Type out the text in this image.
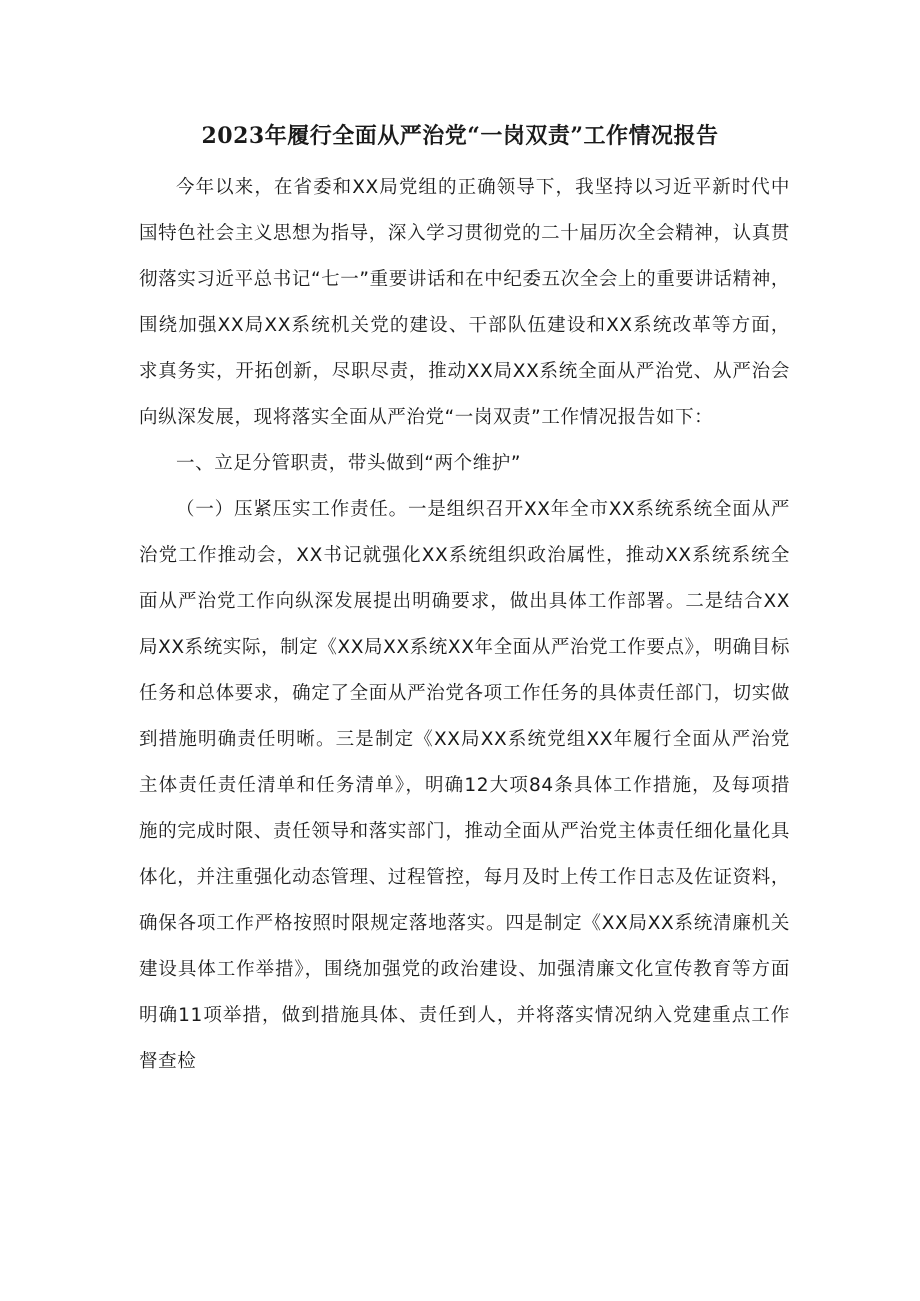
2023年履行全面从严治党“一岗双责”工作情况报告

今年以来，在省委和XX局党组的正确领导下，我坚持以习近平新时代中国特色社会主义思想为指导，深入学习贯彻党的二十届历次全会精神，认真贯彻落实习近平总书记“七一”重要讲话和在中纪委五次全会上的重要讲话精神，围绕加强XX局XX系统机关党的建设、干部队伍建设和XX系统改革等方面，求真务实，开拓创新，尽职尽责，推动XX局XX系统全面从严治党、从严治会向纵深发展，现将落实全面从严治党“一岗双责”工作情况报告如下：

一、立足分管职责，带头做到“两个维护”

（一）压紧压实工作责任。一是组织召开XX年全市XX系统系统全面从严治党工作推动会，XX书记就强化XX系统组织政治属性，推动XX系统系统全面从严治党工作向纵深发展提出明确要求，做出具体工作部署。二是结合XX局XX系统实际，制定《XX局XX系统XX年全面从严治党工作要点》，明确目标任务和总体要求，确定了全面从严治党各项工作任务的具体责任部门，切实做到措施明确责任明晰。三是制定《XX局XX系统党组XX年履行全面从严治党主体责任责任清单和任务清单》，明确12大项84条具体工作措施，及每项措施的完成时限、责任领导和落实部门，推动全面从严治党主体责任细化量化具体化，并注重强化动态管理、过程管控，每月及时上传工作日志及佐证资料，确保各项工作严格按照时限规定落地落实。四是制定《XX局XX系统清廉机关建设具体工作举措》，围绕加强党的政治建设、加强清廉文化宣传教育等方面明确11项举措，做到措施具体、责任到人，并将落实情况纳入党建重点工作督查检
